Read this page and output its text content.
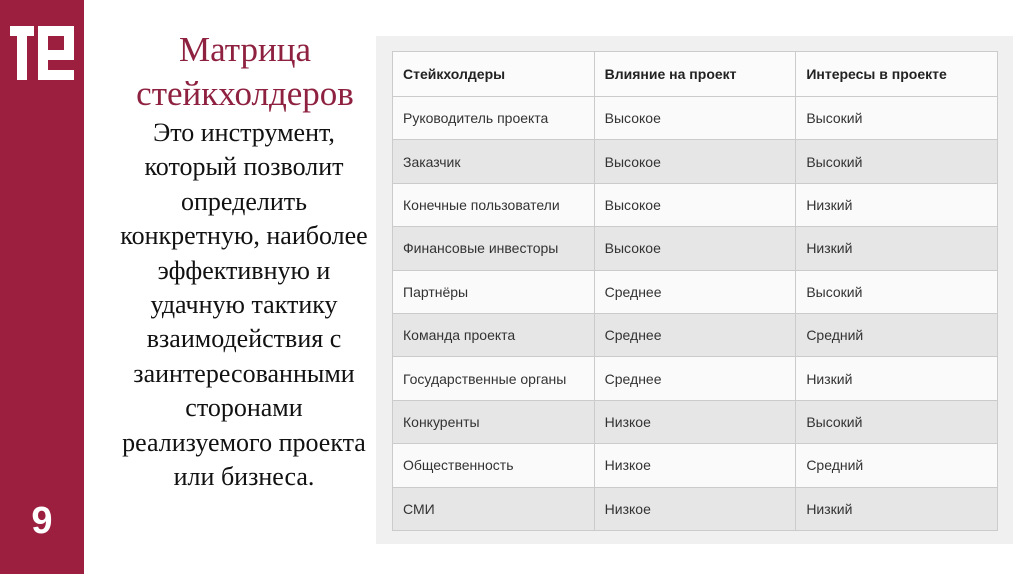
9
Матрица стейкхолдеров
Это инструмент, который позволит определить конкретную, наиболее эффективную и удачную тактику взаимодействия с заинтересованными сторонами реализуемого проекта или бизнеса.
Стейкхолдеры	Влияние на проект	Интересы в проекте
Руководитель проекта	Высокое	Высокий
Заказчик	Высокое	Высокий
Конечные пользователи	Высокое	Низкий
Финансовые инвесторы	Высокое	Низкий
Партнёры	Среднее	Высокий
Команда проекта	Среднее	Средний
Государственные органы	Среднее	Низкий
Конкуренты	Низкое	Высокий
Общественность	Низкое	Средний
СМИ	Низкое	Низкий
